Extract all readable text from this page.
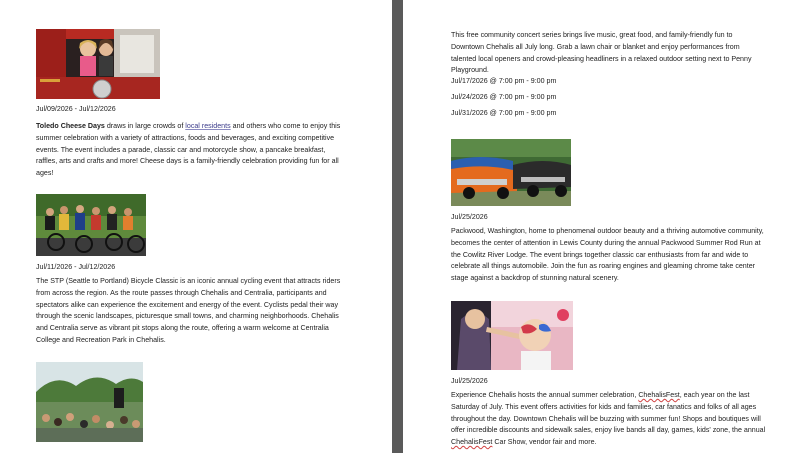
Jul/09/2026 - Jul/12/2026
Toledo Cheese Days draws in large crowds of local residents and others who come to enjoy this summer celebration with a variety of attractions, foods and beverages, and exciting competitive events. The event includes a parade, classic car and motorcycle show, a pancake breakfast, raffles, arts and crafts and more! Cheese days is a family-friendly celebration providing fun for all ages!
Jul/11/2026 - Jul/12/2026
The STP (Seattle to Portland) Bicycle Classic is an iconic annual cycling event that attracts riders from across the region. As the route passes through Chehalis and Centralia, participants and spectators alike can experience the excitement and energy of the event. Cyclists pedal their way through the scenic landscapes, picturesque small towns, and charming neighborhoods. Chehalis and Centralia serve as vibrant pit stops along the route, offering a warm welcome at Centralia College and Recreation Park in Chehalis.
This free community concert series brings live music, great food, and family-friendly fun to Downtown Chehalis all July long. Grab a lawn chair or blanket and enjoy performances from talented local openers and crowd-pleasing headliners in a relaxed outdoor setting next to Penny Playground.
Jul/17/2026 @ 7:00 pm - 9:00 pm
Jul/24/2026 @ 7:00 pm - 9:00 pm
Jul/31/2026 @ 7:00 pm - 9:00 pm
Jul/25/2026
Packwood, Washington, home to phenomenal outdoor beauty and a thriving automotive community, becomes the center of attention in Lewis County during the annual Packwood Summer Rod Run at the Cowlitz River Lodge. The event brings together classic car enthusiasts from far and wide to celebrate all things automobile. Join the fun as roaring engines and gleaming chrome take center stage against a backdrop of stunning natural scenery.
Jul/25/2026
Experience Chehalis hosts the annual summer celebration, ChehalisFest, each year on the last Saturday of July. This event offers activities for kids and families, car fanatics and folks of all ages throughout the day. Downtown Chehalis will be buzzing with summer fun! Shops and boutiques will offer incredible discounts and sidewalk sales, enjoy live bands all day, games, kids' zone, the annual ChehalisFest Car Show, vendor fair and more.
